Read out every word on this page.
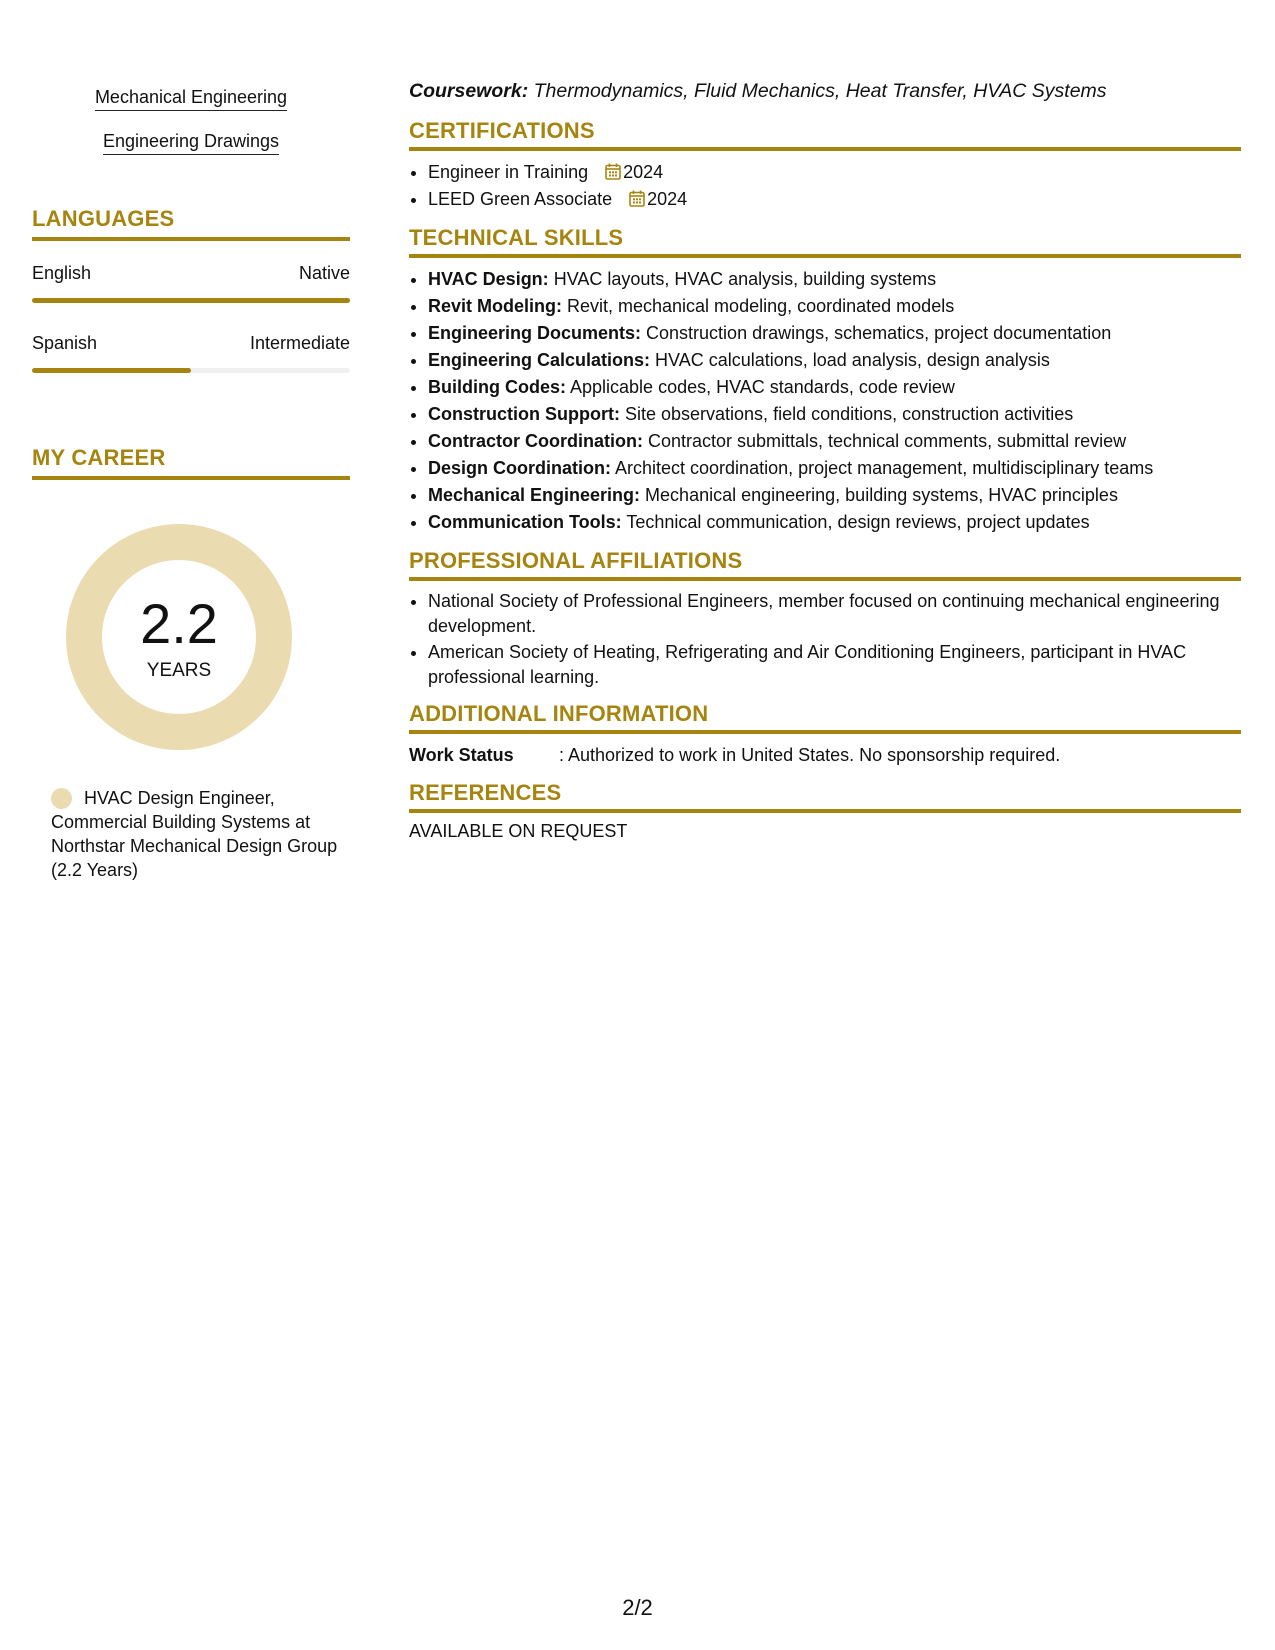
Mechanical Engineering
Engineering Drawings
LANGUAGES
English	Native
Spanish	Intermediate
MY CAREER
2.2
YEARS
HVAC Design Engineer, Commercial Building Systems at Northstar Mechanical Design Group (2.2 Years)

Coursework: Thermodynamics, Fluid Mechanics, Heat Transfer, HVAC Systems

CERTIFICATIONS
• Engineer in Training 2024
• LEED Green Associate 2024
TECHNICAL SKILLS
• HVAC Design: HVAC layouts, HVAC analysis, building systems
• Revit Modeling: Revit, mechanical modeling, coordinated models
• Engineering Documents: Construction drawings, schematics, project documentation
• Engineering Calculations: HVAC calculations, load analysis, design analysis
• Building Codes: Applicable codes, HVAC standards, code review
• Construction Support: Site observations, field conditions, construction activities
• Contractor Coordination: Contractor submittals, technical comments, submittal review
• Design Coordination: Architect coordination, project management, multidisciplinary teams
• Mechanical Engineering: Mechanical engineering, building systems, HVAC principles
• Communication Tools: Technical communication, design reviews, project updates
PROFESSIONAL AFFILIATIONS
• National Society of Professional Engineers, member focused on continuing mechanical engineering development.
• American Society of Heating, Refrigerating and Air Conditioning Engineers, participant in HVAC professional learning.
ADDITIONAL INFORMATION
Work Status	: Authorized to work in United States. No sponsorship required.
REFERENCES

AVAILABLE ON REQUEST

2/2
